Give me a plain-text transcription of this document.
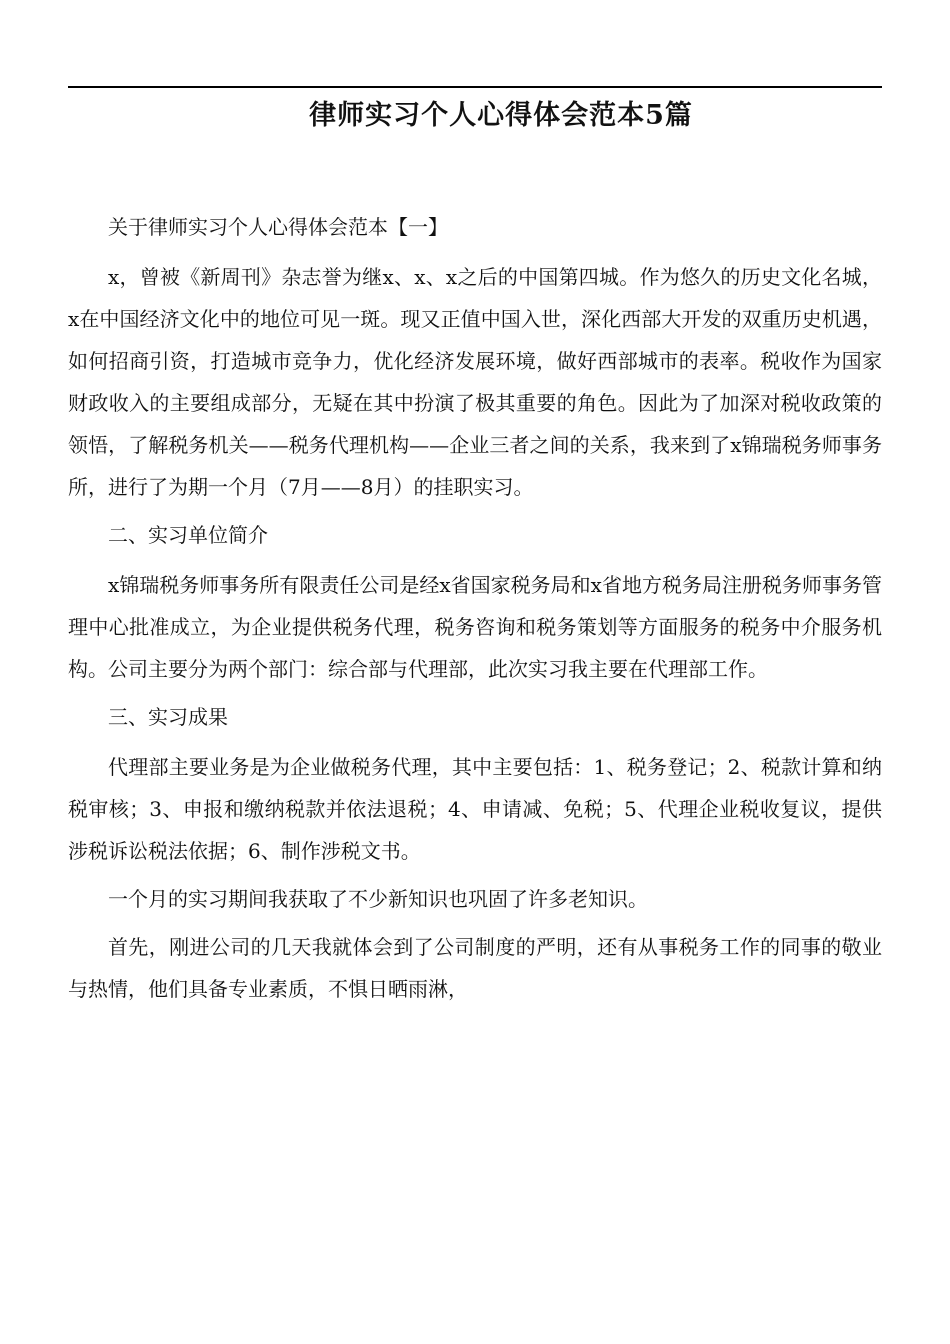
律师实习个人心得体会范本5篇

关于律师实习个人心得体会范本【一】

x，曾被《新周刊》杂志誉为继x、x、x之后的中国第四城。作为悠久的历史文化名城，x在中国经济文化中的地位可见一斑。现又正值中国入世，深化西部大开发的双重历史机遇，如何招商引资，打造城市竞争力，优化经济发展环境，做好西部城市的表率。税收作为国家财政收入的主要组成部分，无疑在其中扮演了极其重要的角色。因此为了加深对税收政策的领悟，了解税务机关——税务代理机构——企业三者之间的关系，我来到了x锦瑞税务师事务所，进行了为期一个月（7月——8月）的挂职实习。

二、实习单位简介

x锦瑞税务师事务所有限责任公司是经x省国家税务局和x省地方税务局注册税务师事务管理中心批准成立，为企业提供税务代理，税务咨询和税务策划等方面服务的税务中介服务机构。公司主要分为两个部门：综合部与代理部，此次实习我主要在代理部工作。

三、实习成果

代理部主要业务是为企业做税务代理，其中主要包括：1、税务登记；2、税款计算和纳税审核；3、申报和缴纳税款并依法退税；4、申请减、免税；5、代理企业税收复议，提供涉税诉讼税法依据；6、制作涉税文书。

一个月的实习期间我获取了不少新知识也巩固了许多老知识。

首先，刚进公司的几天我就体会到了公司制度的严明，还有从事税务工作的同事的敬业与热情，他们具备专业素质，不惧日晒雨淋，
